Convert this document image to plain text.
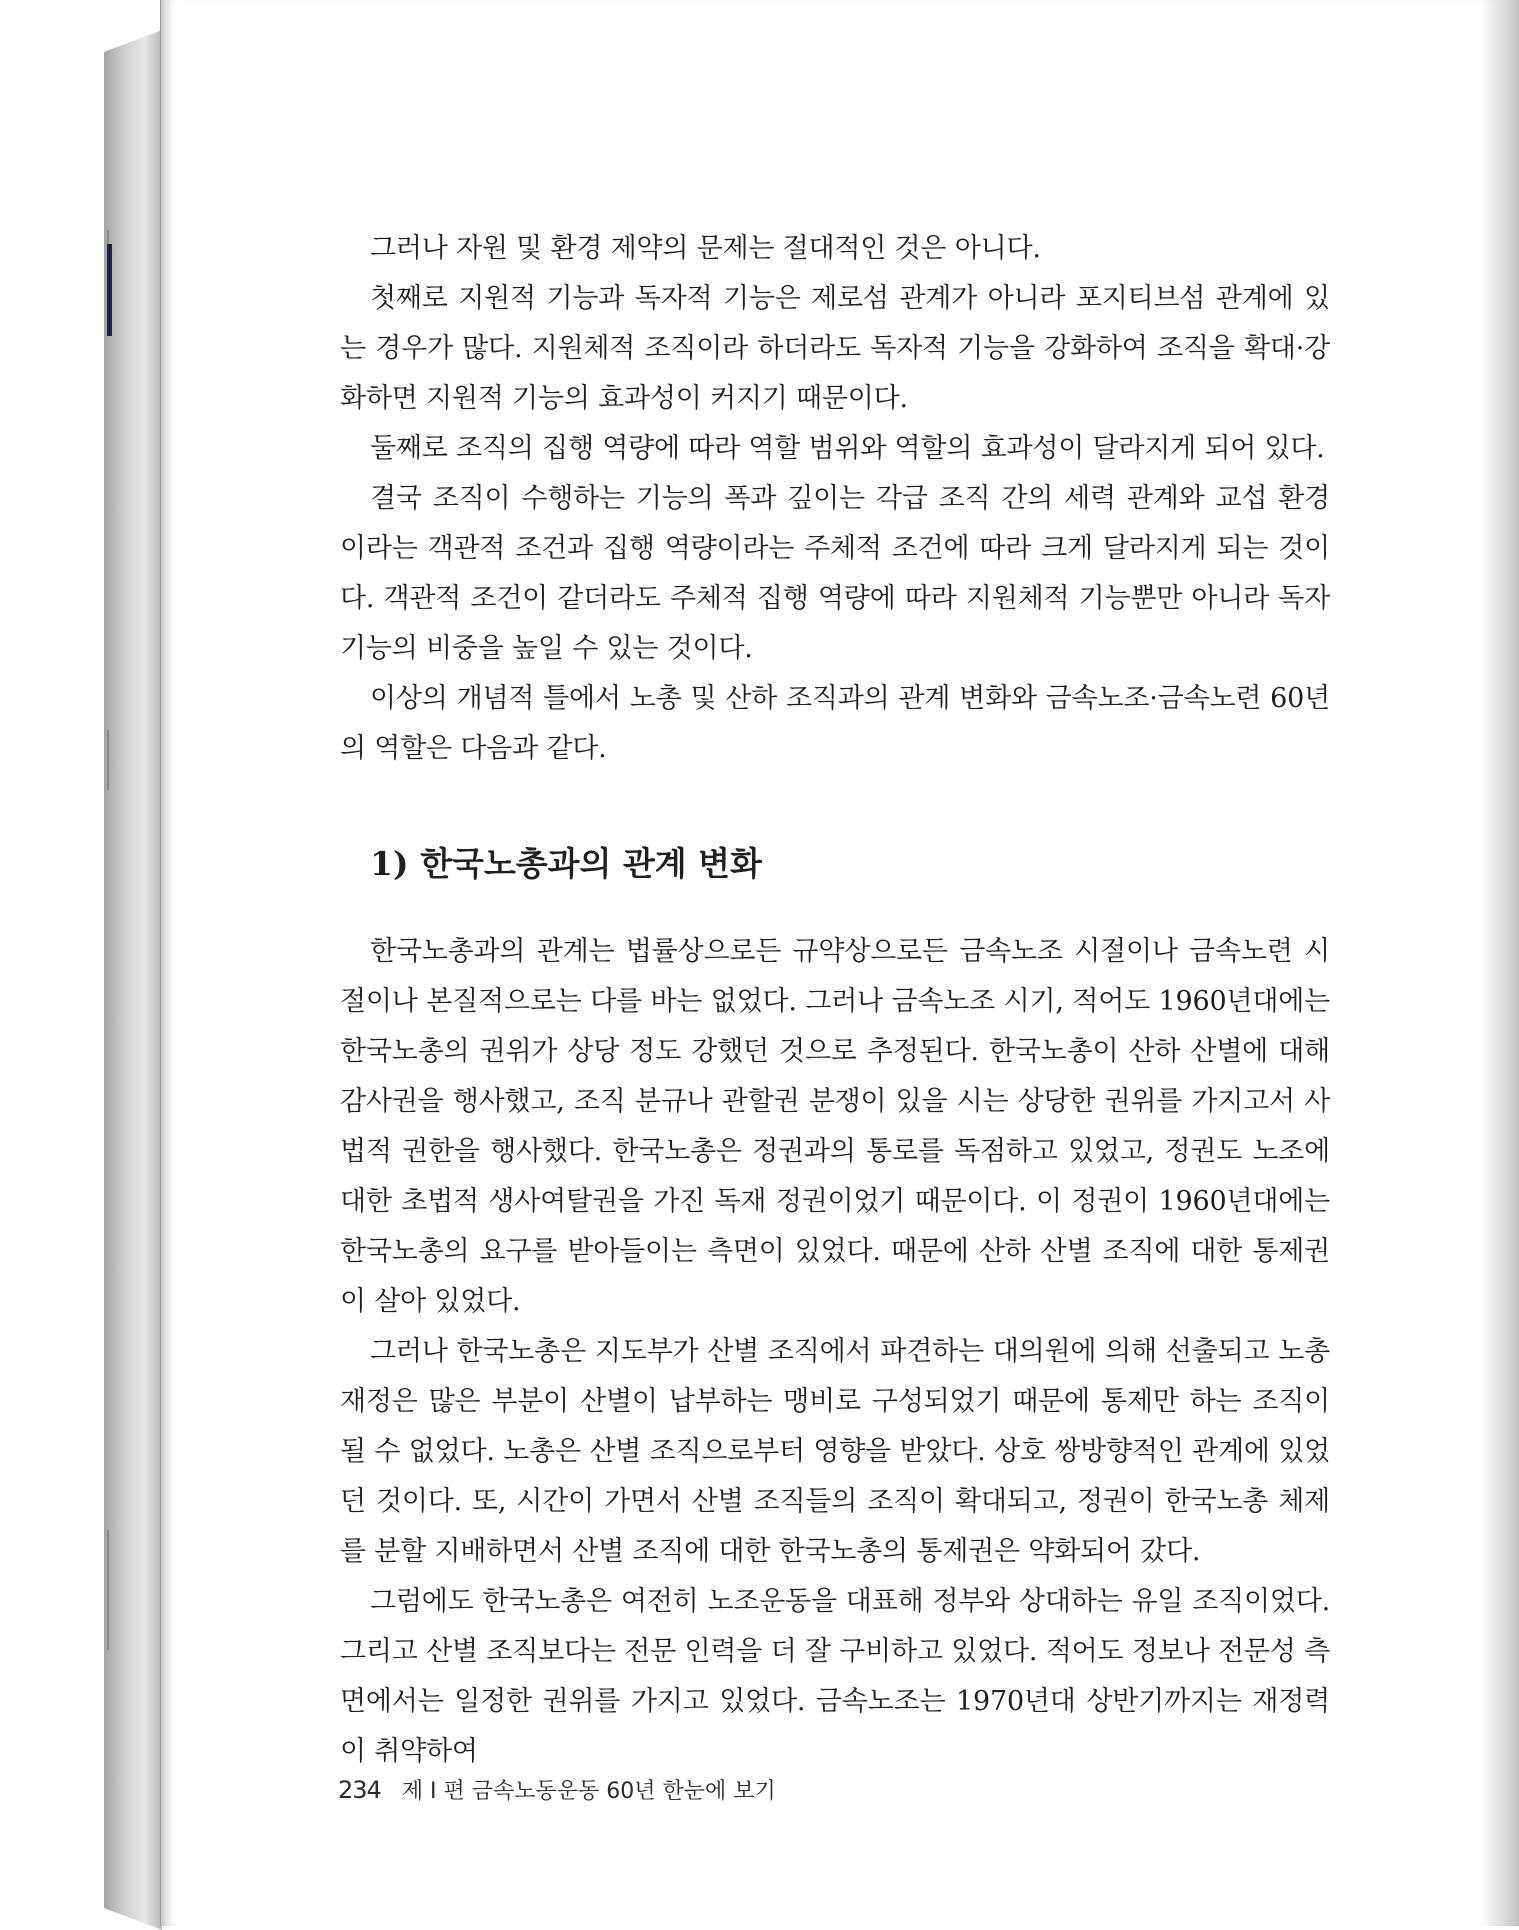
그러나 자원 및 환경 제약의 문제는 절대적인 것은 아니다.

첫째로 지원적 기능과 독자적 기능은 제로섬 관계가 아니라 포지티브섬 관계에 있는 경우가 많다. 지원체적 조직이라 하더라도 독자적 기능을 강화하여 조직을 확대·강화하면 지원적 기능의 효과성이 커지기 때문이다.

둘째로 조직의 집행 역량에 따라 역할 범위와 역할의 효과성이 달라지게 되어 있다.

결국 조직이 수행하는 기능의 폭과 깊이는 각급 조직 간의 세력 관계와 교섭 환경 이라는 객관적 조건과 집행 역량이라는 주체적 조건에 따라 크게 달라지게 되는 것이다. 객관적 조건이 같더라도 주체적 집행 역량에 따라 지원체적 기능뿐만 아니라 독자 기능의 비중을 높일 수 있는 것이다.

이상의 개념적 틀에서 노총 및 산하 조직과의 관계 변화와 금속노조·금속노련 60년의 역할은 다음과 같다.

1) 한국노총과의 관계 변화

한국노총과의 관계는 법률상으로든 규약상으로든 금속노조 시절이나 금속노련 시절이나 본질적으로는 다를 바는 없었다. 그러나 금속노조 시기, 적어도 1960년대에는 한국노총의 권위가 상당 정도 강했던 것으로 추정된다. 한국노총이 산하 산별에 대해 감사권을 행사했고, 조직 분규나 관할권 분쟁이 있을 시는 상당한 권위를 가지고서 사법적 권한을 행사했다. 한국노총은 정권과의 통로를 독점하고 있었고, 정권도 노조에 대한 초법적 생사여탈권을 가진 독재 정권이었기 때문이다. 이 정권이 1960년대에는 한국노총의 요구를 받아들이는 측면이 있었다. 때문에 산하 산별 조직에 대한 통제권이 살아 있었다.

그러나 한국노총은 지도부가 산별 조직에서 파견하는 대의원에 의해 선출되고 노총 재정은 많은 부분이 산별이 납부하는 맹비로 구성되었기 때문에 통제만 하는 조직이 될 수 없었다. 노총은 산별 조직으로부터 영향을 받았다. 상호 쌍방향적인 관계에 있었던 것이다. 또, 시간이 가면서 산별 조직들의 조직이 확대되고, 정권이 한국노총 체제를 분할 지배하면서 산별 조직에 대한 한국노총의 통제권은 약화되어 갔다.

그럼에도 한국노총은 여전히 노조운동을 대표해 정부와 상대하는 유일 조직이었다. 그리고 산별 조직보다는 전문 인력을 더 잘 구비하고 있었다. 적어도 정보나 전문성 측면에서는 일정한 권위를 가지고 있었다. 금속노조는 1970년대 상반기까지는 재정력이 취약하여

234 제 I 편 금속노동운동 60년 한눈에 보기
